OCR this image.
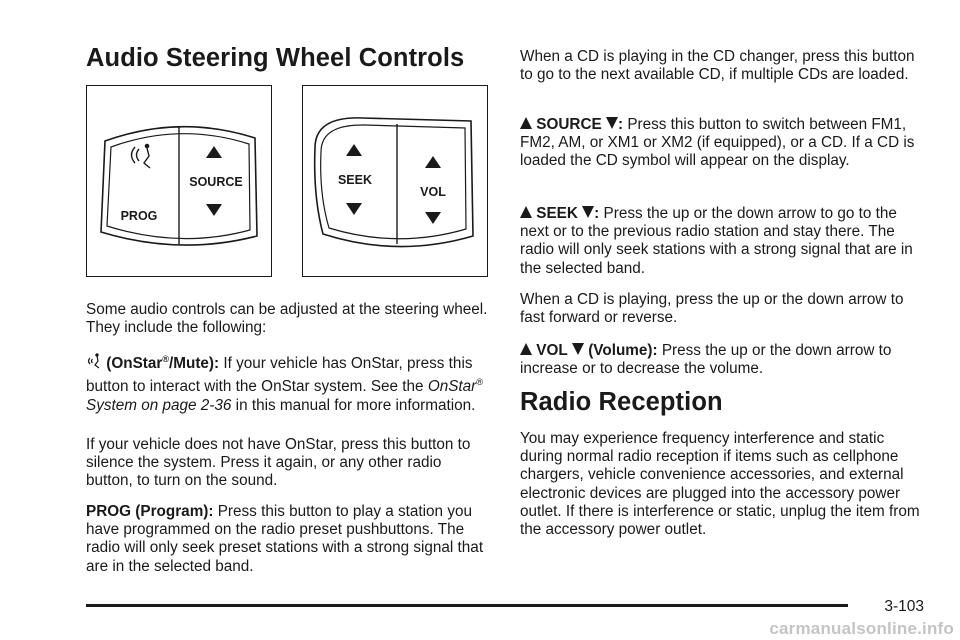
Audio Steering Wheel Controls
Radio Reception
SOURCE
PROG
SEEK
VOL

Some audio controls can be adjusted at the steering wheel. They include the following:

(OnStar®/Mute): If your vehicle has OnStar, press this button to interact with the OnStar system. See the OnStar® System on page 2-36 in this manual for more information.

If your vehicle does not have OnStar, press this button to silence the system. Press it again, or any other radio button, to turn on the sound.

PROG (Program): Press this button to play a station you have programmed on the radio preset pushbuttons. The radio will only seek preset stations with a strong signal that are in the selected band.

When a CD is playing in the CD changer, press this button to go to the next available CD, if multiple CDs are loaded.

SOURCE : Press this button to switch between FM1, FM2, AM, or XM1 or XM2 (if equipped), or a CD. If a CD is loaded the CD symbol will appear on the display.

SEEK : Press the up or the down arrow to go to the next or to the previous radio station and stay there. The radio will only seek stations with a strong signal that are in the selected band.

When a CD is playing, press the up or the down arrow to fast forward or reverse.

VOL (Volume): Press the up or the down arrow to increase or to decrease the volume.

You may experience frequency interference and static during normal radio reception if items such as cellphone chargers, vehicle convenience accessories, and external electronic devices are plugged into the accessory power outlet. If there is interference or static, unplug the item from the accessory power outlet.

3-103
carmanualsonline.info
